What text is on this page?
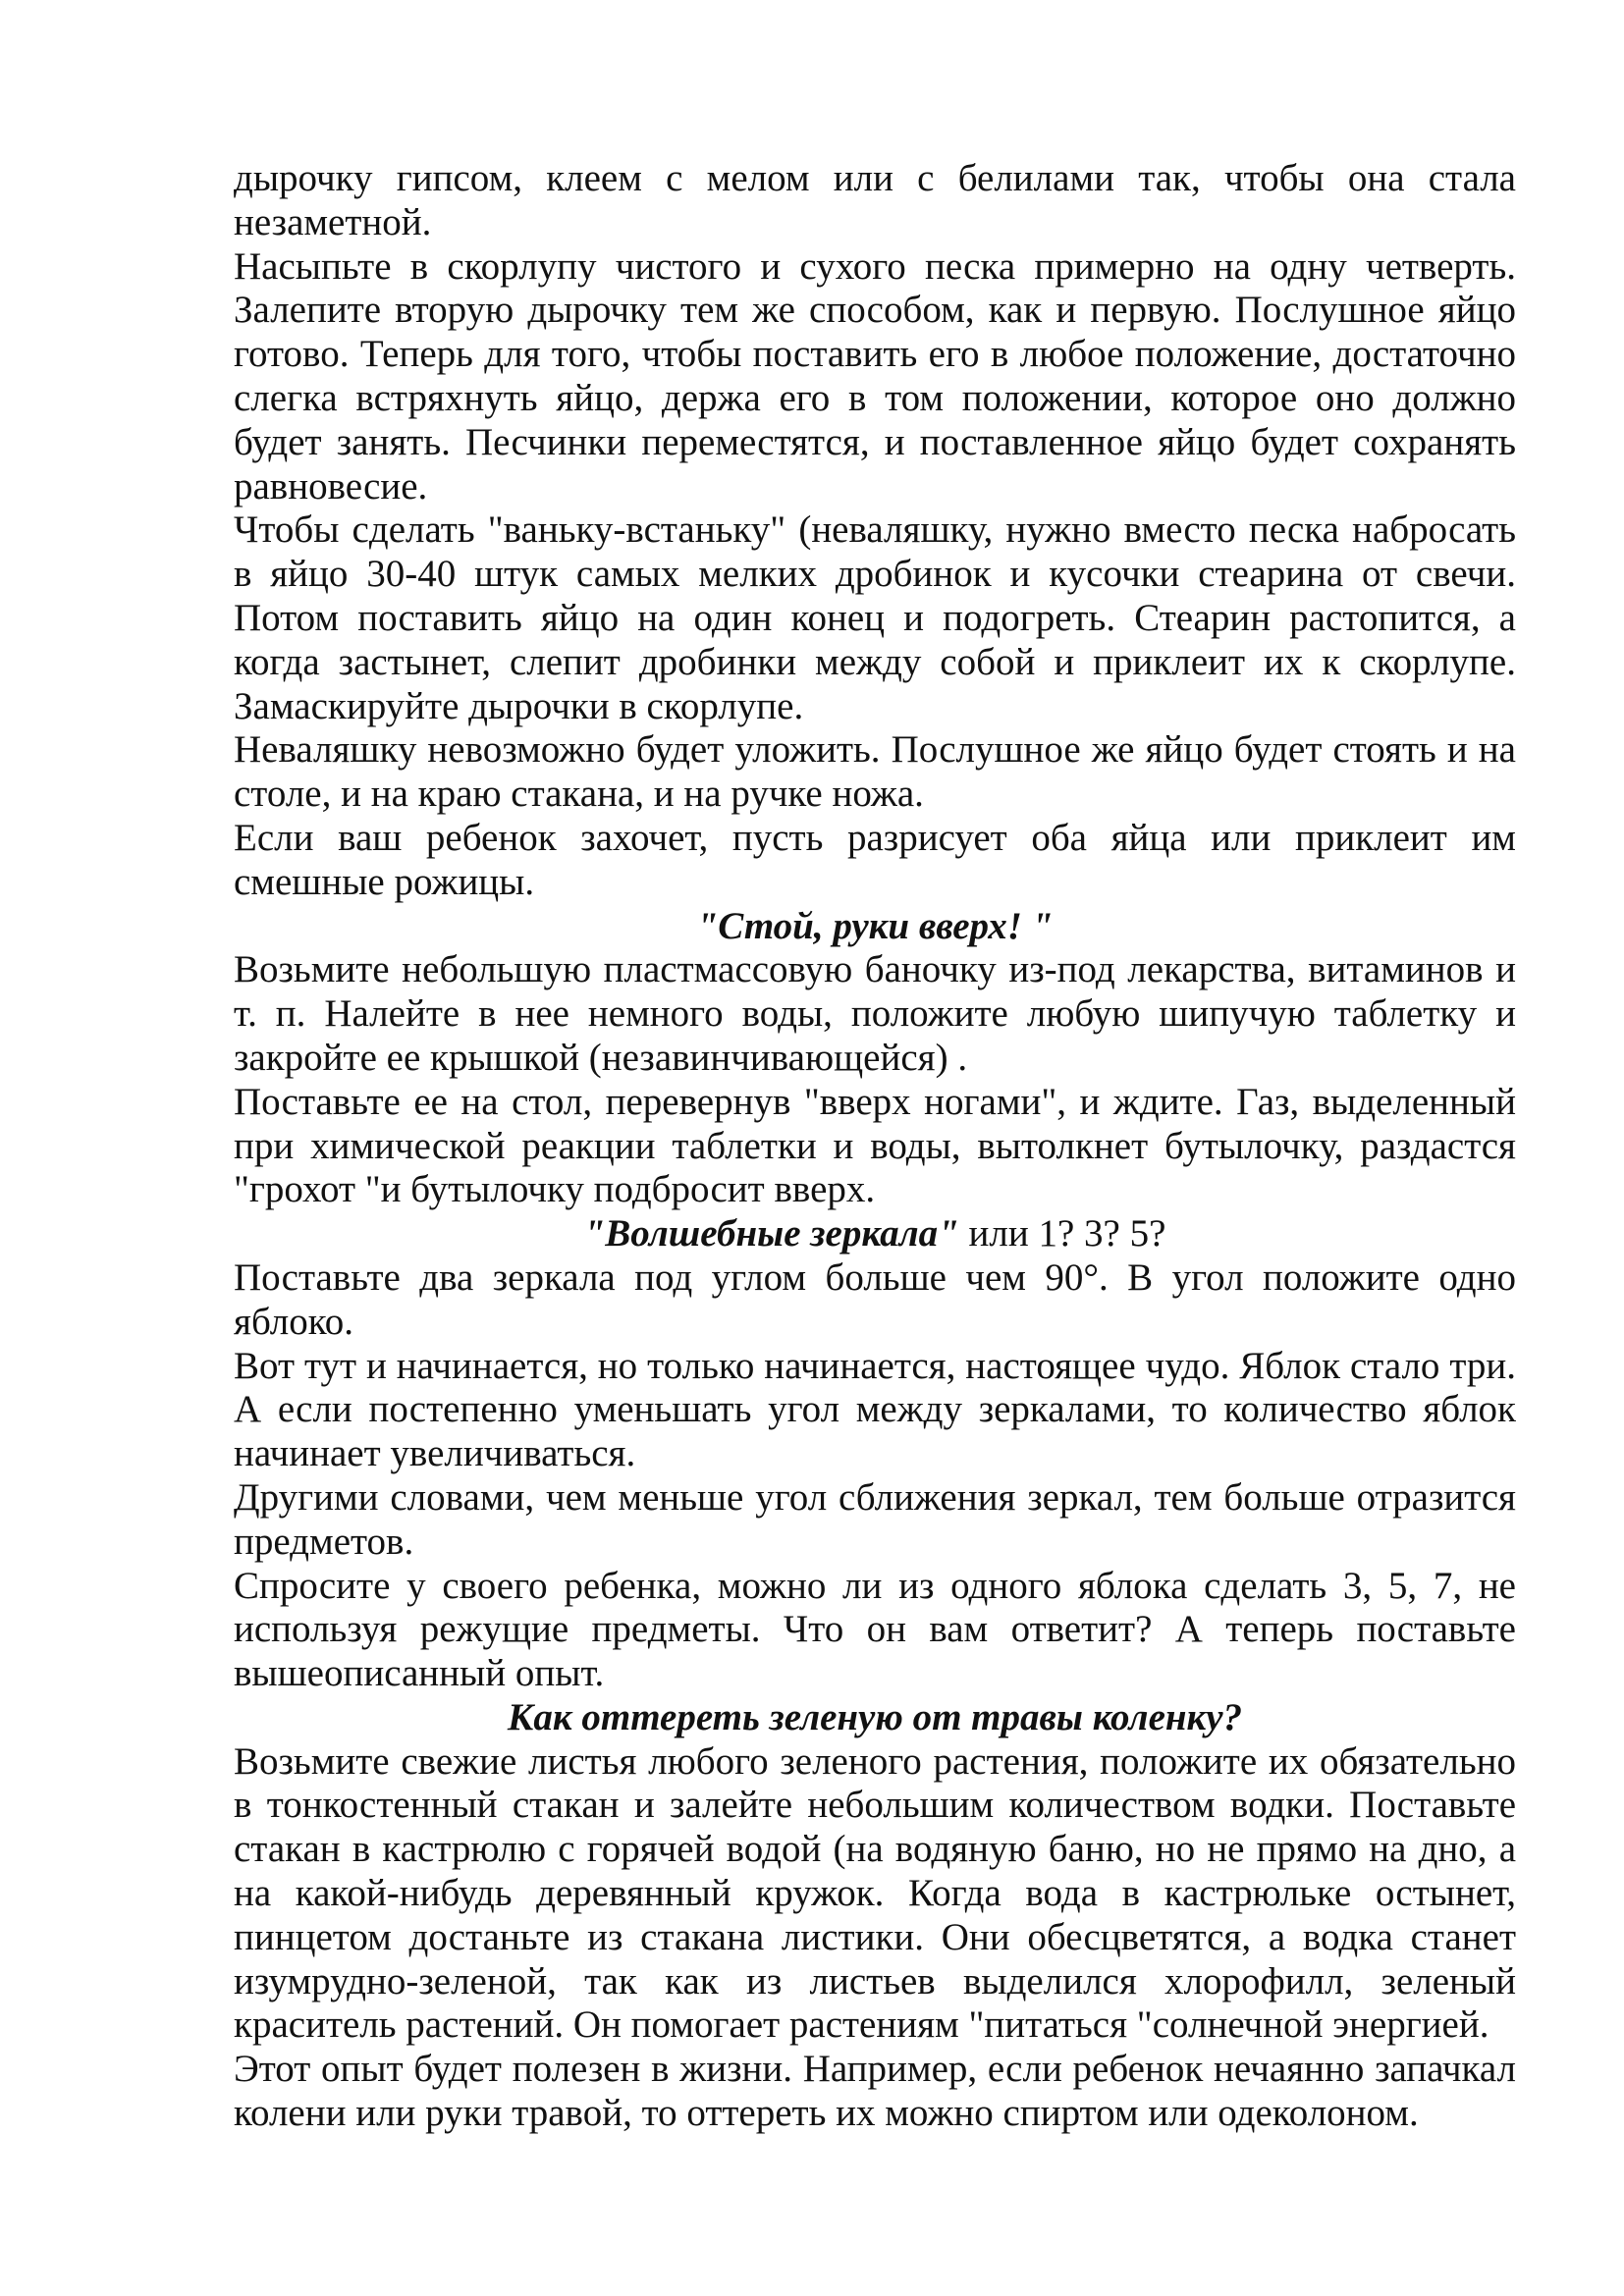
дырочку гипсом, клеем с мелом или с белилами так, чтобы она стала незаметной.

Насыпьте в скорлупу чистого и сухого песка примерно на одну четверть. Залепите вторую дырочку тем же способом, как и первую. Послушное яйцо готово. Теперь для того, чтобы поставить его в любое положение, достаточно слегка встряхнуть яйцо, держа его в том положении, которое оно должно будет занять. Песчинки переместятся, и поставленное яйцо будет сохранять равновесие.

Чтобы сделать "ваньку-встаньку" (неваляшку, нужно вместо песка набросать в яйцо 30-40 штук самых мелких дробинок и кусочки стеарина от свечи. Потом поставить яйцо на один конец и подогреть. Стеарин растопится, а когда застынет, слепит дробинки между собой и приклеит их к скорлупе. Замаскируйте дырочки в скорлупе.

Неваляшку невозможно будет уложить. Послушное же яйцо будет стоять и на столе, и на краю стакана, и на ручке ножа.

Если ваш ребенок захочет, пусть разрисует оба яйца или приклеит им смешные рожицы.

"Стой, руки вверх! "

Возьмите небольшую пластмассовую баночку из-под лекарства, витаминов и т. п. Налейте в нее немного воды, положите любую шипучую таблетку и закройте ее крышкой (незавинчивающейся) .

Поставьте ее на стол, перевернув "вверх ногами", и ждите. Газ, выделенный при химической реакции таблетки и воды, вытолкнет бутылочку, раздастся "грохот "и бутылочку подбросит вверх.

"Волшебные зеркала" или 1? 3? 5?

Поставьте два зеркала под углом больше чем 90°. В угол положите одно яблоко.

Вот тут и начинается, но только начинается, настоящее чудо. Яблок стало три. А если постепенно уменьшать угол между зеркалами, то количество яблок начинает увеличиваться.

Другими словами, чем меньше угол сближения зеркал, тем больше отразится предметов.

Спросите у своего ребенка, можно ли из одного яблока сделать 3, 5, 7, не используя режущие предметы. Что он вам ответит? А теперь поставьте вышеописанный опыт.

Как оттереть зеленую от травы коленку?

Возьмите свежие листья любого зеленого растения, положите их обязательно в тонкостенный стакан и залейте небольшим количеством водки. Поставьте стакан в кастрюлю с горячей водой (на водяную баню, но не прямо на дно, а на какой-нибудь деревянный кружок. Когда вода в кастрюльке остынет, пинцетом достаньте из стакана листики. Они обесцветятся, а водка станет изумрудно-зеленой, так как из листьев выделился хлорофилл, зеленый краситель растений. Он помогает растениям "питаться "солнечной энергией.

Этот опыт будет полезен в жизни. Например, если ребенок нечаянно запачкал колени или руки травой, то оттереть их можно спиртом или одеколоном.
